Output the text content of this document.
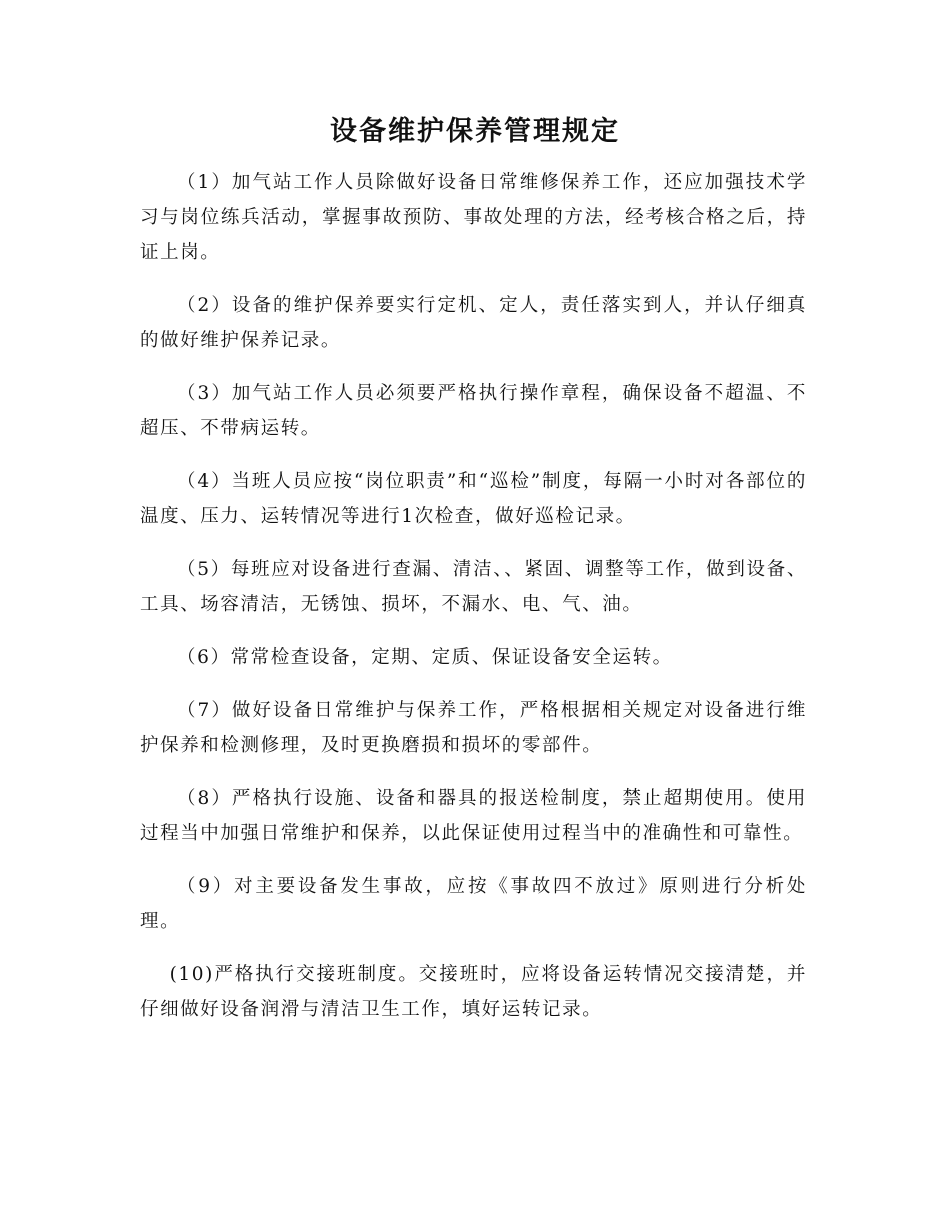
设备维护保养管理规定

（1）加气站工作人员除做好设备日常维修保养工作，还应加强技术学习与岗位练兵活动，掌握事故预防、事故处理的方法，经考核合格之后，持证上岗。

（2）设备的维护保养要实行定机、定人，责任落实到人，并认仔细真的做好维护保养记录。

（3）加气站工作人员必须要严格执行操作章程，确保设备不超温、不超压、不带病运转。

（4）当班人员应按“岗位职责”和“巡检”制度，每隔一小时对各部位的温度、压力、运转情况等进行1次检查，做好巡检记录。

（5）每班应对设备进行查漏、清洁、、紧固、调整等工作，做到设备、工具、场容清洁，无锈蚀、损坏，不漏水、电、气、油。

（6）常常检查设备，定期、定质、保证设备安全运转。

（7）做好设备日常维护与保养工作，严格根据相关规定对设备进行维护保养和检测修理，及时更换磨损和损坏的零部件。

（8）严格执行设施、设备和器具的报送检制度，禁止超期使用。使用过程当中加强日常维护和保养，以此保证使用过程当中的准确性和可靠性。

（9）对主要设备发生事故，应按《事故四不放过》原则进行分析处理。

(10)严格执行交接班制度。交接班时，应将设备运转情况交接清楚，并仔细做好设备润滑与清洁卫生工作，填好运转记录。
